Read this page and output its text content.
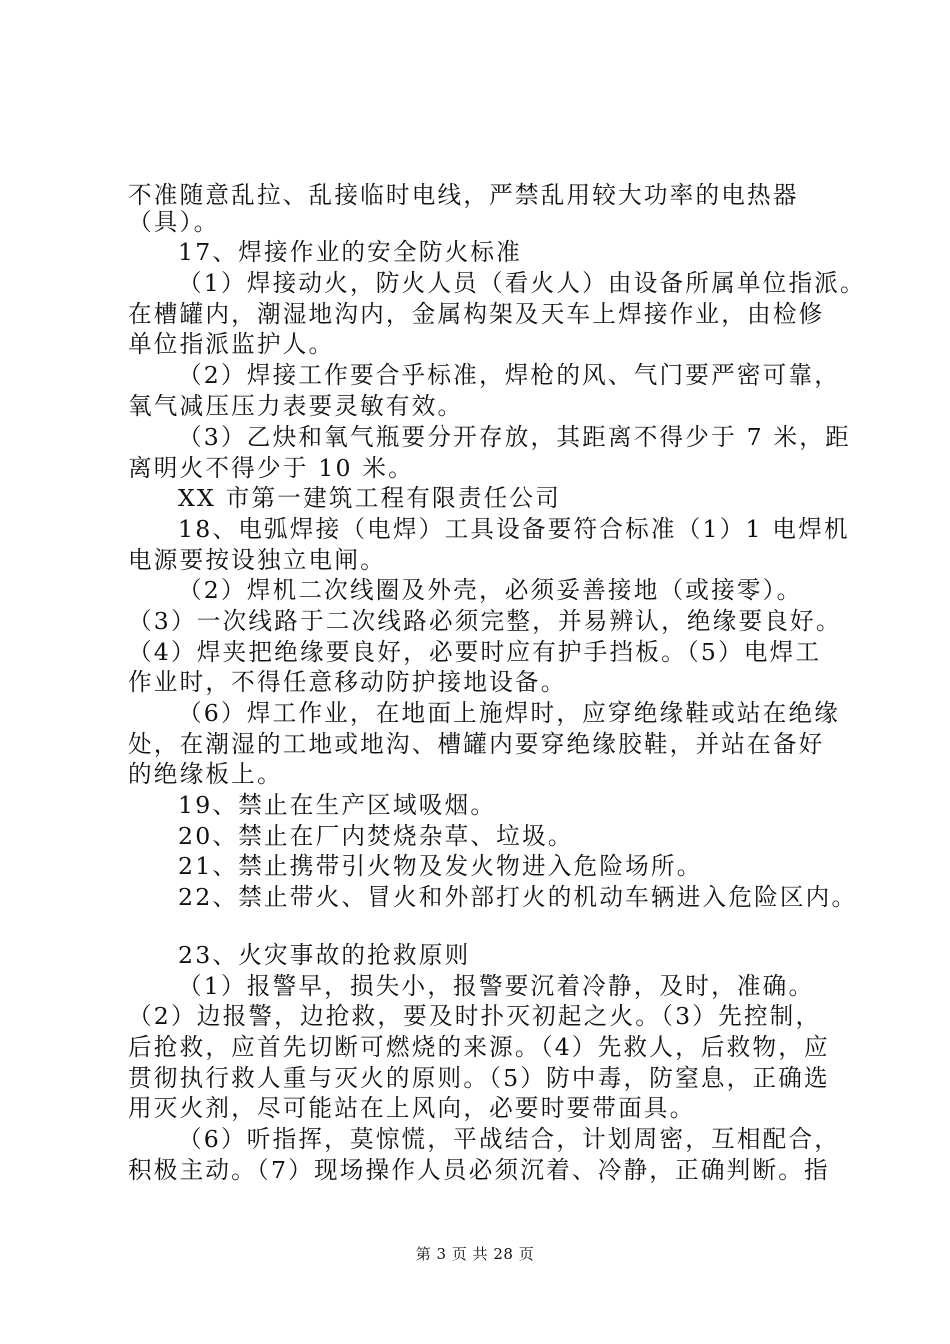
不准随意乱拉、乱接临时电线，严禁乱用较大功率的电热器
（具）。
17、焊接作业的安全防火标准
（1）焊接动火，防火人员（看火人）由设备所属单位指派。
在槽罐内，潮湿地沟内，金属构架及天车上焊接作业，由检修
单位指派监护人。
（2）焊接工作要合乎标准，焊枪的风、气门要严密可靠，
氧气减压压力表要灵敏有效。
（3）乙炔和氧气瓶要分开存放，其距离不得少于 7 米，距
离明火不得少于 10 米。
XX 市第一建筑工程有限责任公司
18、电弧焊接（电焊）工具设备要符合标准（1）1 电焊机
电源要按设独立电闸。
（2）焊机二次线圈及外壳，必须妥善接地（或接零）。
（3）一次线路于二次线路必须完整，并易辨认，绝缘要良好。
（4）焊夹把绝缘要良好，必要时应有护手挡板。（5）电焊工
作业时，不得任意移动防护接地设备。
（6）焊工作业，在地面上施焊时，应穿绝缘鞋或站在绝缘
处，在潮湿的工地或地沟、槽罐内要穿绝缘胶鞋，并站在备好
的绝缘板上。
19、禁止在生产区域吸烟。
20、禁止在厂内焚烧杂草、垃圾。
21、禁止携带引火物及发火物进入危险场所。
22、禁止带火、冒火和外部打火的机动车辆进入危险区内。
23、火灾事故的抢救原则
（1）报警早，损失小，报警要沉着冷静，及时，准确。
（2）边报警，边抢救，要及时扑灭初起之火。（3）先控制，
后抢救，应首先切断可燃烧的来源。（4）先救人，后救物，应
贯彻执行救人重与灭火的原则。（5）防中毒，防窒息，正确选
用灭火剂，尽可能站在上风向，必要时要带面具。
（6）听指挥，莫惊慌，平战结合，计划周密，互相配合，
积极主动。（7）现场操作人员必须沉着、冷静，正确判断。指
第 3 页 共 28 页
